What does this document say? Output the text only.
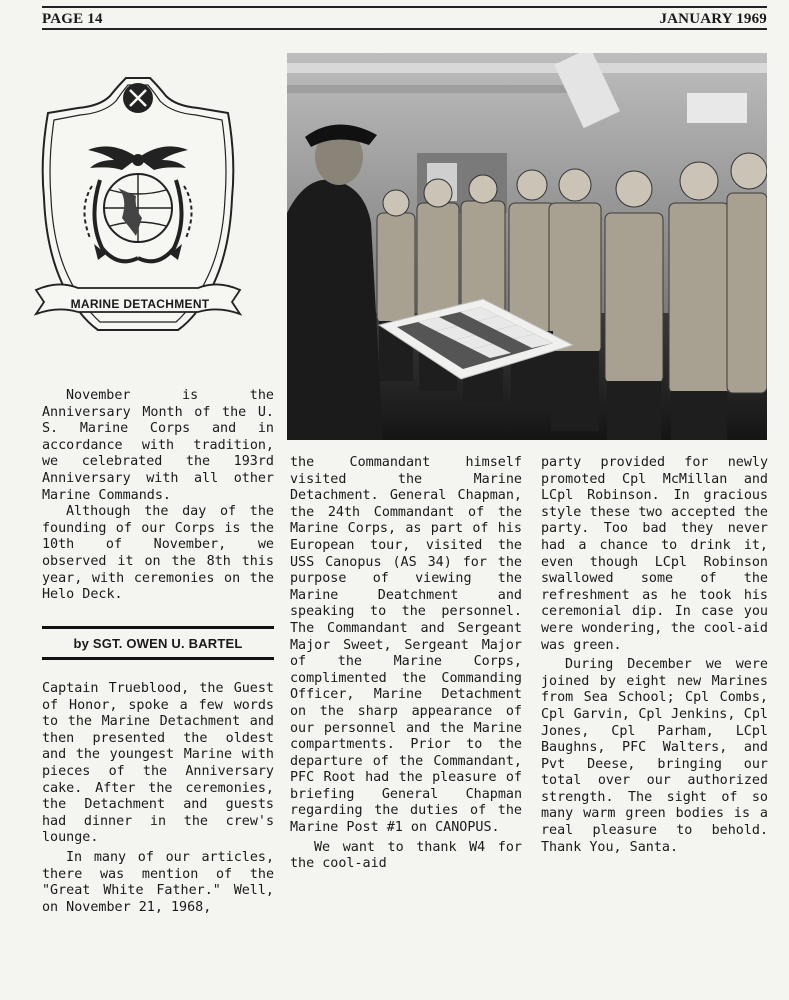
PAGE 14	JANUARY 1969
MARINE DETACHMENT

November is the Anniversary Month of the U. S. Marine Corps and in accordance with tradition, we celebrated the 193rd Anniversary with all other Marine Commands.

Although the day of the founding of our Corps is the 10th of November, we observed it on the 8th this year, with ceremonies on the Helo Deck.

by SGT. OWEN U. BARTEL

Captain Trueblood, the Guest of Honor, spoke a few words to the Marine Detachment and then presented the oldest and the youngest Marine with pieces of the Anniversary cake. After the ceremonies, the Detachment and guests had dinner in the crew's lounge.

In many of our articles, there was mention of the "Great White Father." Well, on November 21, 1968,

the Commandant himself visited the Marine Detachment. General Chapman, the 24th Commandant of the Marine Corps, as part of his European tour, visited the USS Canopus (AS 34) for the purpose of viewing the Marine Deatchment and speaking to the personnel. The Commandant and Sergeant Major Sweet, Sergeant Major of the Marine Corps, complimented the Commanding Officer, Marine Detachment on the sharp appearance of our personnel and the Marine compartments. Prior to the departure of the Commandant, PFC Root had the pleasure of briefing General Chapman regarding the duties of the Marine Post #1 on CANOPUS.

We want to thank W4 for the cool-aid

party provided for newly promoted Cpl McMillan and LCpl Robinson. In gracious style these two accepted the party. Too bad they never had a chance to drink it, even though LCpl Robinson swallowed some of the refreshment as he took his ceremonial dip. In case you were wondering, the cool-aid was green.

During December we were joined by eight new Marines from Sea School; Cpl Combs, Cpl Garvin, Cpl Jenkins, Cpl Jones, Cpl Parham, LCpl Baughns, PFC Walters, and Pvt Deese, bringing our total over our authorized strength. The sight of so many warm green bodies is a real pleasure to behold. Thank You, Santa.
